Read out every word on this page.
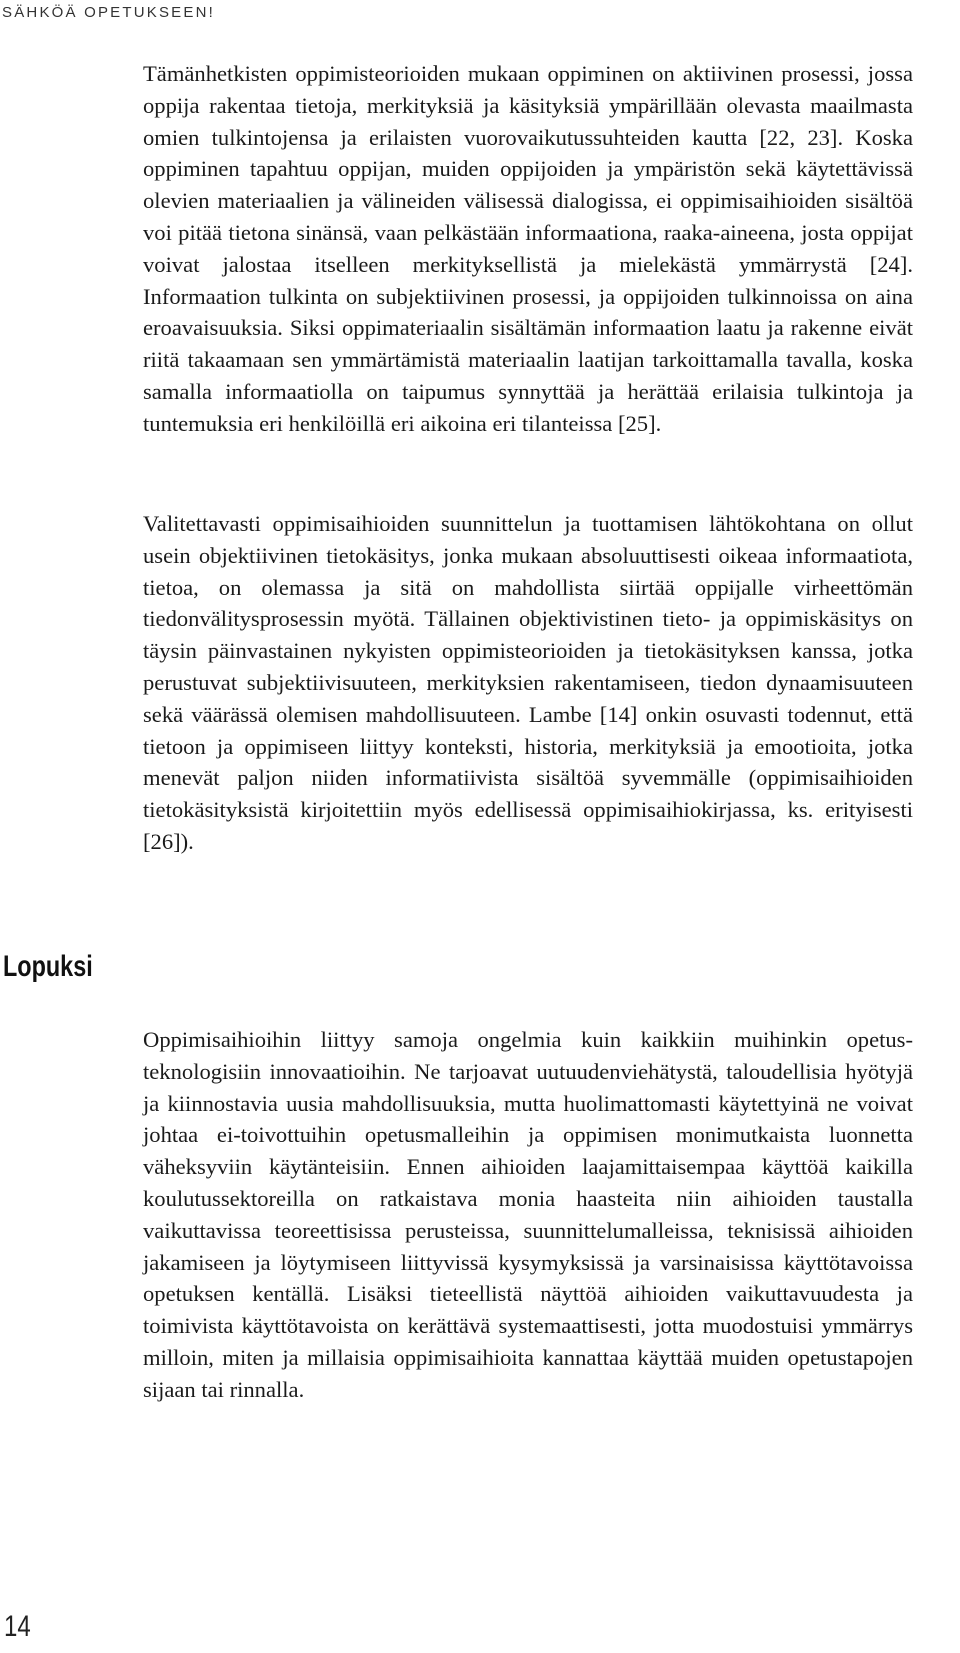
SÄHKÖÄ OPETUKSEEN!

Tämänhetkisten oppimisteorioiden mukaan oppiminen on aktiivinen prosessi, jossa oppija rakentaa tietoja, merkityksiä ja käsityksiä ympärillään olevasta maailmasta omien tulkintojensa ja erilaisten vuorovaikutussuhteiden kautta [22, 23]. Koska oppiminen tapahtuu oppijan, muiden oppijoiden ja ympäristön sekä käytettävissä olevien materiaalien ja välineiden välisessä dialogissa, ei oppimisaihioiden sisältöä voi pitää tietona sinänsä, vaan pelkästään informaationa, raaka-aineena, josta oppijat voivat jalostaa itselleen merkityksellistä ja mielekästä ymmärrystä [24]. Informaation tulkinta on subjektiivinen prosessi, ja oppijoiden tulkinnoissa on aina eroavaisuuksia. Siksi oppimateriaalin sisältämän informaation laatu ja rakenne eivät riitä takaamaan sen ymmärtämistä materiaalin laatijan tarkoittamalla tavalla, koska samalla informaatiolla on taipumus synnyttää ja herättää erilaisia tulkintoja ja tuntemuksia eri henkilöillä eri aikoina eri tilanteissa [25].

Valitettavasti oppimisaihioiden suunnittelun ja tuottamisen lähtökohtana on ollut usein objektiivinen tietokäsitys, jonka mukaan absoluuttisesti oikeaa informaatiota, tietoa, on olemassa ja sitä on mahdollista siirtää oppijalle virheettömän tiedonvälitysprosessin myötä. Tällainen objektivistinen tieto- ja oppimiskäsitys on täysin päinvastainen nykyisten oppimisteorioiden ja tietokäsityksen kanssa, jotka perustuvat subjektiivisuuteen, merkityksien rakentamiseen, tiedon dynaamisuuteen sekä väärässä olemisen mahdollisuuteen. Lambe [14] onkin osuvasti todennut, että tietoon ja oppimiseen liittyy konteksti, historia, merkityksiä ja emootioita, jotka menevät paljon niiden informatiivista sisältöä syvemmälle (oppimisaihioiden tietokäsityksistä kirjoitettiin myös edellisessä oppimisaihiokirjassa, ks. erityisesti [26]).

Lopuksi

Oppimisaihioihin liittyy samoja ongelmia kuin kaikkiin muihinkin opetusteknologisiin innovaatioihin. Ne tarjoavat uutuudenviehätystä, taloudellisia hyötyjä ja kiinnostavia uusia mahdollisuuksia, mutta huolimattomasti käytettyinä ne voivat johtaa ei-toivottuihin opetusmalleihin ja oppimisen monimutkaista luonnetta väheksyviin käytänteisiin. Ennen aihioiden laajamittaisempaa käyttöä kaikilla koulutussektoreilla on ratkaistava monia haasteita niin aihioiden taustalla vaikuttavissa teoreettisissa perusteissa, suunnittelumalleissa, teknisissä aihioiden jakamiseen ja löytymiseen liittyvissä kysymyksissä ja varsinaisissa käyttötavoissa opetuksen kentällä. Lisäksi tieteellistä näyttöä aihioiden vaikuttavuudesta ja toimivista käyttötavoista on kerättävä systemaattisesti, jotta muodostuisi ymmärrys milloin, miten ja millaisia oppimisaihioita kannattaa käyttää muiden opetustapojen sijaan tai rinnalla.

14
